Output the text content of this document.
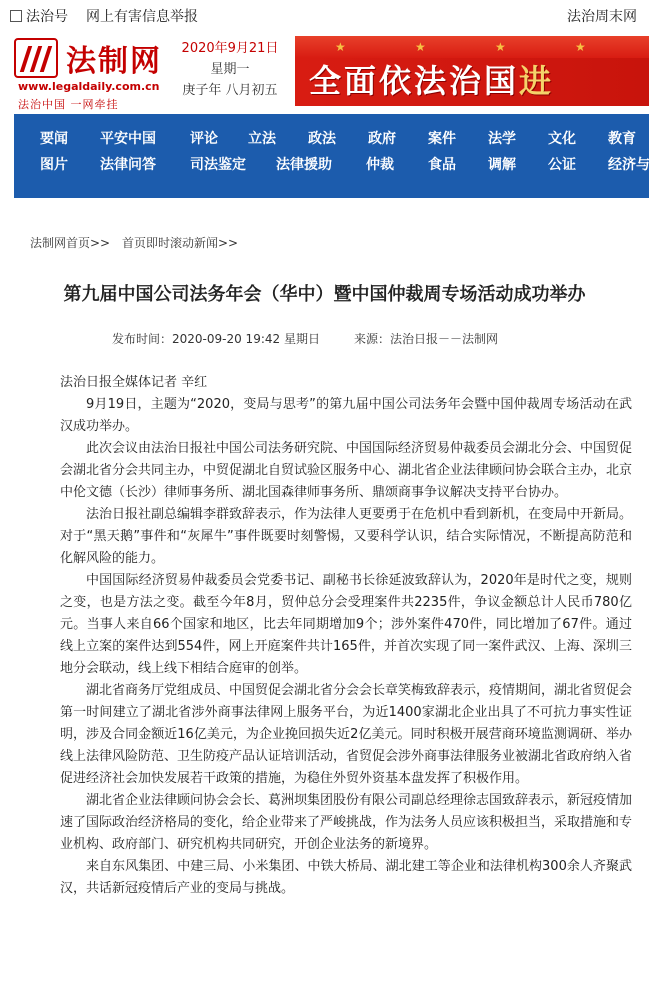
法治号 网上有害信息举报	法治周末网
法制网
www.legaldaily.com.cn
法治中国 一网牵挂
2020年9月21日
星期一
庚子年 八月初五
★	★	★	★
全面依法治国进
要闻 平安中国 评论 立法 政法 政府 案件 法学 文化 教育
图片 法律问答 司法鉴定 法律援助 仲裁 食品 调解 公证 经济与法
法制网首页>> 首页即时滚动新闻>>
第九届中国公司法务年会（华中）暨中国仲裁周专场活动成功举办
发布时间：2020-09-20 19:42 星期日	来源：法治日报－－法制网

法治日报全媒体记者 辛红

9月19日，主题为“2020，变局与思考”的第九届中国公司法务年会暨中国仲裁周专场活动在武汉成功举办。

此次会议由法治日报社中国公司法务研究院、中国国际经济贸易仲裁委员会湖北分会、中国贸促会湖北省分会共同主办，中贸促湖北自贸试验区服务中心、湖北省企业法律顾问协会联合主办，北京中伦文德（长沙）律师事务所、湖北国森律师事务所、鼎颂商事争议解决支持平台协办。

法治日报社副总编辑李群致辞表示，作为法律人更要勇于在危机中看到新机，在变局中开新局。对于“黑天鹅”事件和“灰犀牛”事件既要时刻警惕，又要科学认识，结合实际情况，不断提高防范和化解风险的能力。

中国国际经济贸易仲裁委员会党委书记、副秘书长徐延波致辞认为，2020年是时代之变，规则之变，也是方法之变。截至今年8月，贸仲总分会受理案件共2235件，争议金额总计人民币780亿元。当事人来自66个国家和地区，比去年同期增加9个；涉外案件470件，同比增加了67件。通过线上立案的案件达到554件，网上开庭案件共计165件，并首次实现了同一案件武汉、上海、深圳三地分会联动，线上线下相结合庭审的创举。

湖北省商务厅党组成员、中国贸促会湖北省分会会长章笑梅致辞表示，疫情期间，湖北省贸促会第一时间建立了湖北省涉外商事法律网上服务平台，为近1400家湖北企业出具了不可抗力事实性证明，涉及合同金额近16亿美元，为企业挽回损失近2亿美元。同时积极开展营商环境监测调研、举办线上法律风险防范、卫生防疫产品认证培训活动，省贸促会涉外商事法律服务业被湖北省政府纳入省促进经济社会加快发展若干政策的措施，为稳住外贸外资基本盘发挥了积极作用。

湖北省企业法律顾问协会会长、葛洲坝集团股份有限公司副总经理徐志国致辞表示，新冠疫情加速了国际政治经济格局的变化，给企业带来了严峻挑战，作为法务人员应该积极担当，采取措施和专业机构、政府部门、研究机构共同研究，开创企业法务的新境界。

来自东风集团、中建三局、小米集团、中铁大桥局、湖北建工等企业和法律机构300余人齐聚武汉，共话新冠疫情后产业的变局与挑战。
